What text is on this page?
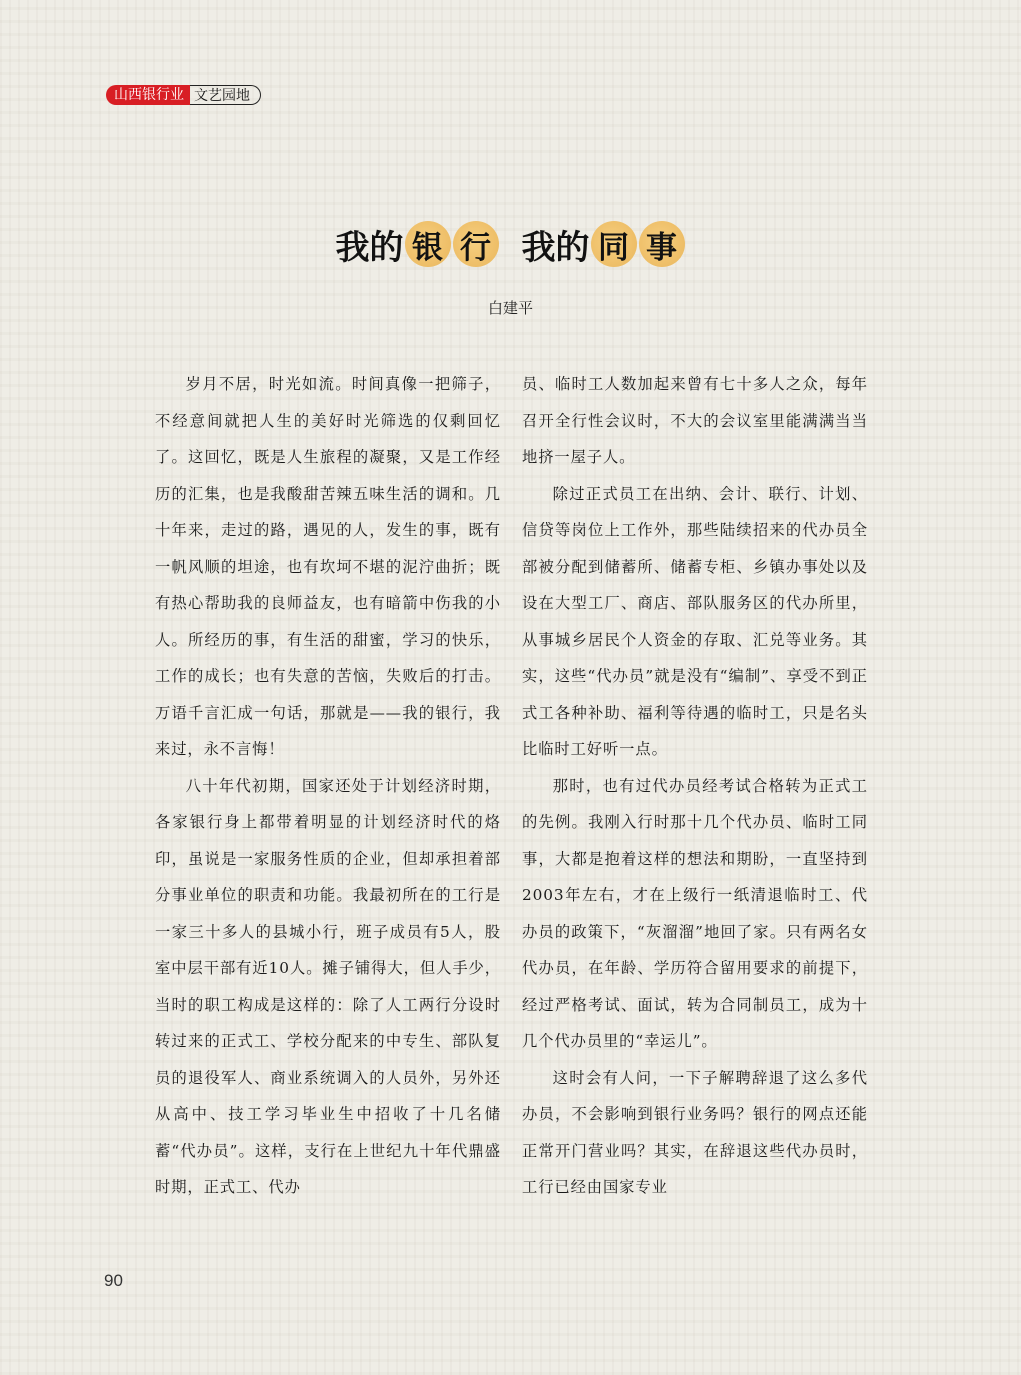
山西银行业 文艺园地
我的 银 行 我的 同 事
白建平

岁月不居，时光如流。时间真像一把筛子，不经意间就把人生的美好时光筛选的仅剩回忆了。这回忆，既是人生旅程的凝聚，又是工作经历的汇集，也是我酸甜苦辣五味生活的调和。几十年来，走过的路，遇见的人，发生的事，既有一帆风顺的坦途，也有坎坷不堪的泥泞曲折；既有热心帮助我的良师益友，也有暗箭中伤我的小人。所经历的事，有生活的甜蜜，学习的快乐，工作的成长；也有失意的苦恼，失败后的打击。万语千言汇成一句话，那就是——我的银行，我来过，永不言悔！

八十年代初期，国家还处于计划经济时期，各家银行身上都带着明显的计划经济时代的烙印，虽说是一家服务性质的企业，但却承担着部分事业单位的职责和功能。我最初所在的工行是一家三十多人的县城小行，班子成员有5人，股室中层干部有近10人。摊子铺得大，但人手少，当时的职工构成是这样的：除了人工两行分设时转过来的正式工、学校分配来的中专生、部队复员的退役军人、商业系统调入的人员外，另外还从高中、技工学习毕业生中招收了十几名储蓄“代办员”。这样，支行在上世纪九十年代鼎盛时期，正式工、代办

员、临时工人数加起来曾有七十多人之众，每年召开全行性会议时，不大的会议室里能满满当当地挤一屋子人。

除过正式员工在出纳、会计、联行、计划、信贷等岗位上工作外，那些陆续招来的代办员全部被分配到储蓄所、储蓄专柜、乡镇办事处以及设在大型工厂、商店、部队服务区的代办所里，从事城乡居民个人资金的存取、汇兑等业务。其实，这些“代办员”就是没有“编制”、享受不到正式工各种补助、福利等待遇的临时工，只是名头比临时工好听一点。

那时，也有过代办员经考试合格转为正式工的先例。我刚入行时那十几个代办员、临时工同事，大都是抱着这样的想法和期盼，一直坚持到2003年左右，才在上级行一纸清退临时工、代办员的政策下，“灰溜溜”地回了家。只有两名女代办员，在年龄、学历符合留用要求的前提下，经过严格考试、面试，转为合同制员工，成为十几个代办员里的“幸运儿”。

这时会有人问，一下子解聘辞退了这么多代办员，不会影响到银行业务吗？银行的网点还能正常开门营业吗？其实，在辞退这些代办员时，工行已经由国家专业

90
